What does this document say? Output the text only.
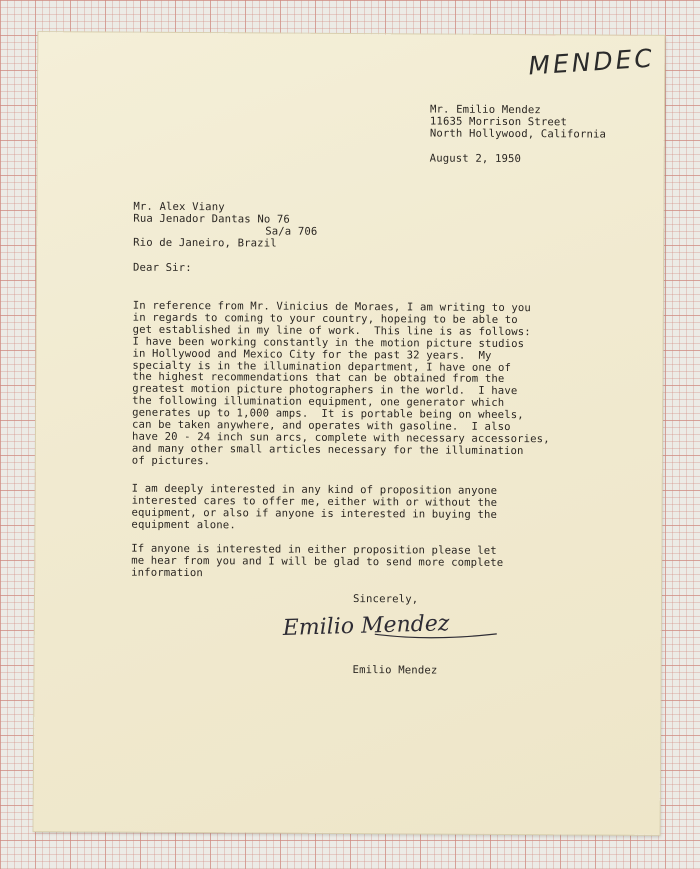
MENDEC
Mr. Emilio Mendez
11635 Morrison Street
North Hollywood, California
August 2, 1950
Mr. Alex Viany
Rua Jenador Dantas No 76
Sa/a 706
Rio de Janeiro, Brazil
Dear Sir:
In reference from Mr. Vinicius de Moraes, I am writing to you
in regards to coming to your country, hopeing to be able to
get established in my line of work.  This line is as follows:
I have been working constantly in the motion picture studios
in Hollywood and Mexico City for the past 32 years.  My
specialty is in the illumination department, I have one of
the highest recommendations that can be obtained from the
greatest motion picture photographers in the world.  I have
the following illumination equipment, one generator which
generates up to 1,000 amps.  It is portable being on wheels,
can be taken anywhere, and operates with gasoline.  I also
have 20 - 24 inch sun arcs, complete with necessary accessories,
and many other small articles necessary for the illumination
of pictures.
I am deeply interested in any kind of proposition anyone
interested cares to offer me, either with or without the
equipment, or also if anyone is interested in buying the
equipment alone.
If anyone is interested in either proposition please let
me hear from you and I will be glad to send more complete
information
Sincerely,
Emilio Mendez
Emilio Mendez
